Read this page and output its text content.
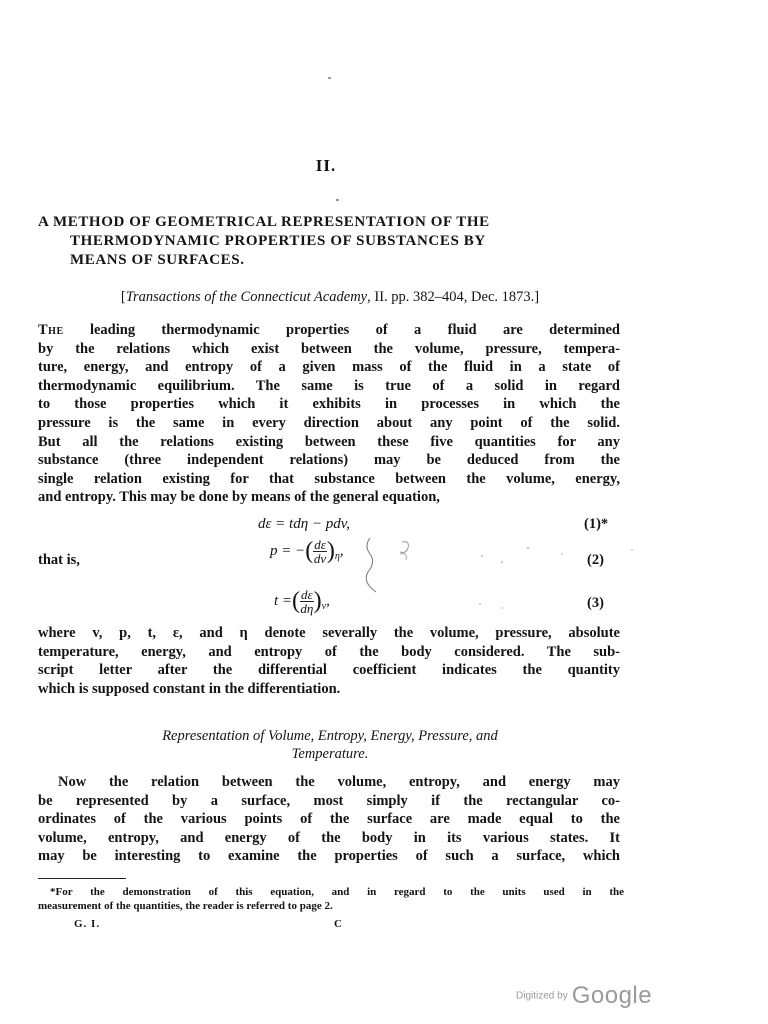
II.
A METHOD OF GEOMETRICAL REPRESENTATION OF THE
THERMODYNAMIC PROPERTIES OF SUBSTANCES BY
MEANS OF SURFACES.
[Transactions of the Connecticut Academy, II. pp. 382–404, Dec. 1873.]
The leading thermodynamic properties of a fluid are determined
by the relations which exist between the volume, pressure, tempera-
ture, energy, and entropy of a given mass of the fluid in a state of
thermodynamic equilibrium. The same is true of a solid in regard
to those properties which it exhibits in processes in which the
pressure is the same in every direction about any point of the solid.
But all the relations existing between these five quantities for any
substance (three independent relations) may be deduced from the
single relation existing for that substance between the volume, energy,
and entropy. This may be done by means of the general equation,
dε = tdη − pdv,	(1)*
that is,
p = −( $\frac{d\varepsilon}{dv} )_\eta$,
(2)
t =( $\frac{d\varepsilon}{d\eta} )_v$,	(3)
where v, p, t, ε, and η denote severally the volume, pressure, absolute
temperature, energy, and entropy of the body considered. The sub-
script letter after the differential coefficient indicates the quantity
which is supposed constant in the differentiation.
Representation of Volume, Entropy, Energy, Pressure, and
Temperature.
Now the relation between the volume, entropy, and energy may
be represented by a surface, most simply if the rectangular co-
ordinates of the various points of the surface are made equal to the
volume, entropy, and energy of the body in its various states. It
may be interesting to examine the properties of such a surface, which
*For the demonstration of this equation, and in regard to the units used in the
measurement of the quantities, the reader is referred to page 2.
G. I.	C
Digitized by Google
